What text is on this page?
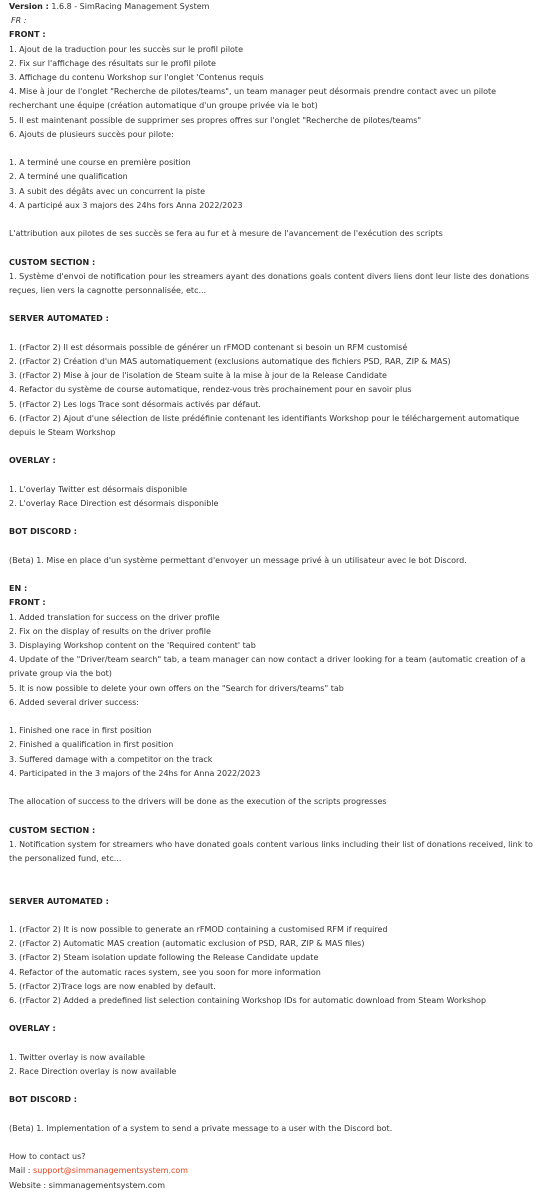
Version : 1.6.8 - SimRacing Management System
FR :
FRONT :
1. Ajout de la traduction pour les succès sur le profil pilote
2. Fix sur l'affichage des résultats sur le profil pilote
3. Affichage du contenu Workshop sur l'onglet 'Contenus requis
4. Mise à jour de l'onglet "Recherche de pilotes/teams", un team manager peut désormais prendre contact avec un pilote recherchant une équipe (création automatique d'un groupe privée via le bot)
5. Il est maintenant possible de supprimer ses propres offres sur l'onglet "Recherche de pilotes/teams"
6. Ajouts de plusieurs succès pour pilote:
1. A terminé une course en première position
2. A terminé une qualification
3. A subit des dégâts avec un concurrent la piste
4. A participé aux 3 majors des 24hs fors Anna 2022/2023
L'attribution aux pilotes de ses succès se fera au fur et à mesure de l'avancement de l'exécution des scripts
CUSTOM SECTION :
1. Système d'envoi de notification pour les streamers ayant des donations goals content divers liens dont leur liste des donations reçues, lien vers la cagnotte personnalisée, etc...
SERVER AUTOMATED :
1. (rFactor 2) Il est désormais possible de générer un rFMOD contenant si besoin un RFM customisé
2. (rFactor 2) Création d'un MAS automatiquement (exclusions automatique des fichiers PSD, RAR, ZIP & MAS)
3. (rFactor 2) Mise à jour de l'isolation de Steam suite à la mise à jour de la Release Candidate
4. Refactor du système de course automatique, rendez-vous très prochainement pour en savoir plus
5. (rFactor 2) Les logs Trace sont désormais activés par défaut.
6. (rFactor 2) Ajout d'une sélection de liste prédéfinie contenant les identifiants Workshop pour le téléchargement automatique depuis le Steam Workshop
OVERLAY :
1. L'overlay Twitter est désormais disponible
2. L'overlay Race Direction est désormais disponible
BOT DISCORD :
(Beta) 1. Mise en place d'un système permettant d'envoyer un message privé à un utilisateur avec le bot Discord.
EN :
FRONT :
1. Added translation for success on the driver profile
2. Fix on the display of results on the driver profile
3. Displaying Workshop content on the 'Required content' tab
4. Update of the "Driver/team search" tab, a team manager can now contact a driver looking for a team (automatic creation of a private group via the bot)
5. It is now possible to delete your own offers on the "Search for drivers/teams" tab
6. Added several driver success:
1. Finished one race in first position
2. Finished a qualification in first position
3. Suffered damage with a competitor on the track
4. Participated in the 3 majors of the 24hs for Anna 2022/2023
The allocation of success to the drivers will be done as the execution of the scripts progresses
CUSTOM SECTION :
1. Notification system for streamers who have donated goals content various links including their list of donations received, link to the personalized fund, etc...
SERVER AUTOMATED :
1. (rFactor 2) It is now possible to generate an rFMOD containing a customised RFM if required
2. (rFactor 2) Automatic MAS creation (automatic exclusion of PSD, RAR, ZIP & MAS files)
3. (rFactor 2) Steam isolation update following the Release Candidate update
4. Refactor of the automatic races system, see you soon for more information
5. (rFactor 2)Trace logs are now enabled by default.
6. (rFactor 2) Added a predefined list selection containing Workshop IDs for automatic download from Steam Workshop
OVERLAY :
1. Twitter overlay is now available
2. Race Direction overlay is now available
BOT DISCORD :
(Beta) 1. Implementation of a system to send a private message to a user with the Discord bot.
How to contact us?
Mail : support@simmanagementsystem.com
Website : simmanagementsystem.com
